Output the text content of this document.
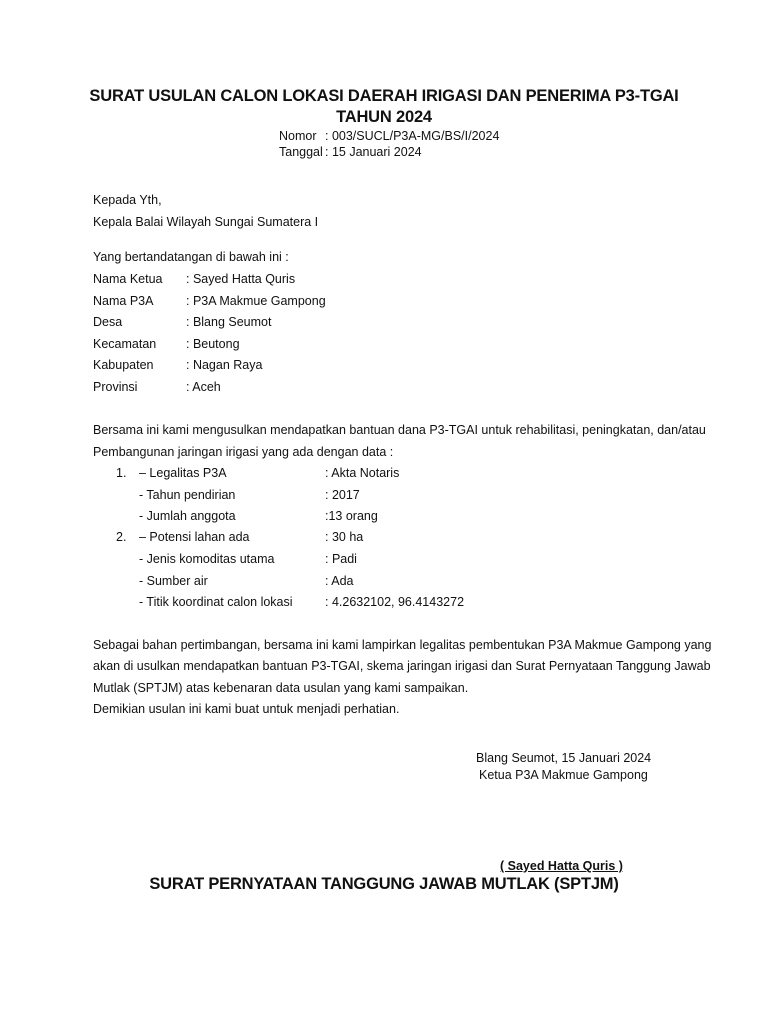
SURAT USULAN CALON LOKASI DAERAH IRIGASI DAN PENERIMA P3-TGAI
TAHUN 2024
Nomor : 003/SUCL/P3A-MG/BS/I/2024
Tanggal : 15 Januari 2024
Kepada Yth,
Kepala Balai Wilayah Sungai Sumatera I
Yang bertandatangan di bawah ini :
Nama Ketua : Sayed Hatta Quris
Nama P3A	: P3A Makmue Gampong
Desa	: Blang Seumot
Kecamatan : Beutong
Kabupaten	: Nagan Raya
Provinsi	: Aceh
Bersama ini kami mengusulkan mendapatkan bantuan dana P3-TGAI untuk rehabilitasi, peningkatan, dan/atau
Pembangunan jaringan irigasi yang ada dengan data :
1. – Legalitas P3A	: Akta Notaris
- Tahun pendirian	: 2017
- Jumlah anggota	:13 orang
2. – Potensi lahan ada	: 30 ha
- Jenis komoditas utama	: Padi
- Sumber air	: Ada
- Titik koordinat calon lokasi	: 4.2632102, 96.4143272
Sebagai bahan pertimbangan, bersama ini kami lampirkan legalitas pembentukan P3A Makmue Gampong yang
akan di usulkan mendapatkan bantuan P3-TGAI, skema jaringan irigasi dan Surat Pernyataan Tanggung Jawab
Mutlak (SPTJM) atas kebenaran data usulan yang kami sampaikan.
Demikian usulan ini kami buat untuk menjadi perhatian.
Blang Seumot, 15 Januari 2024
Ketua P3A Makmue Gampong
( Sayed Hatta Quris )
SURAT PERNYATAAN TANGGUNG JAWAB MUTLAK (SPTJM)
